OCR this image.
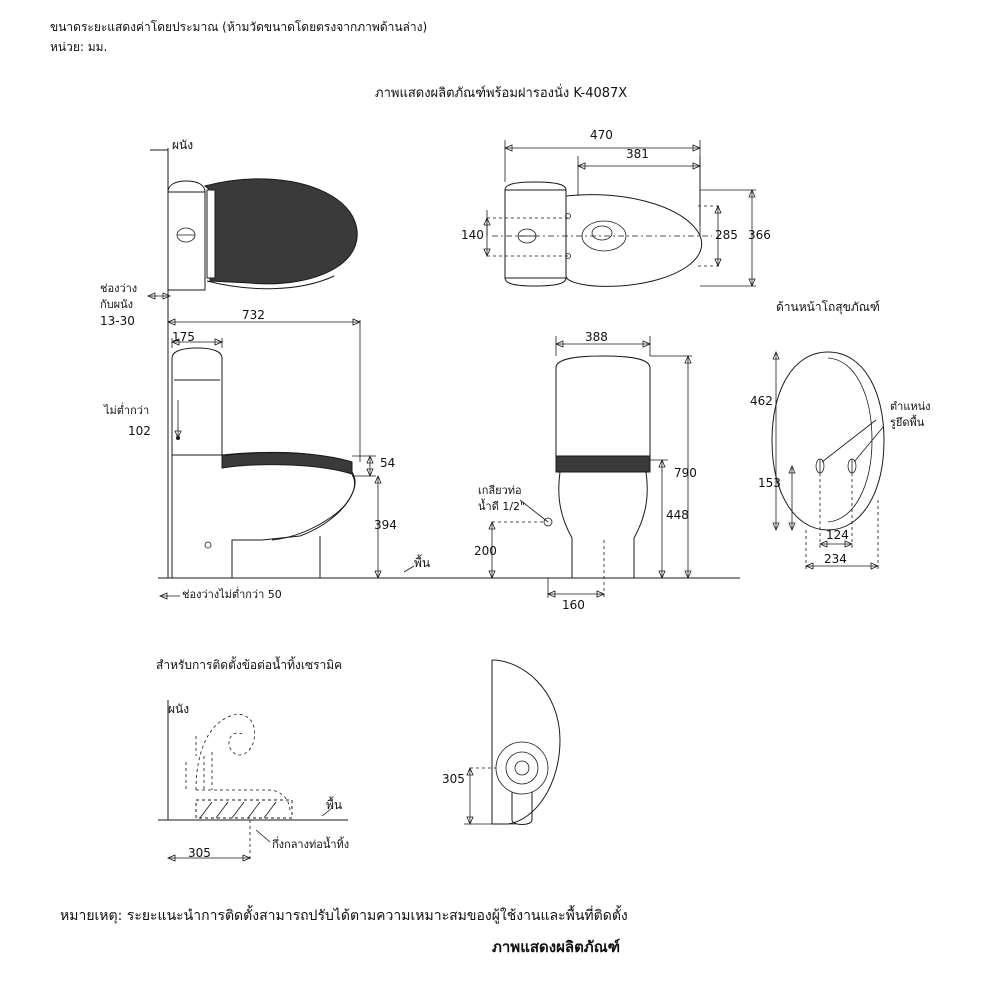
ขนาดระยะแสดงค่าโดยประมาณ (ห้ามวัดขนาดโดยตรงจากภาพด้านล่าง)
หน่วย: มม.
ภาพแสดงผลิตภัณฑ์พร้อมฝารองนั่ง K-4087X
ผนัง
470
381
140	285 366
ช่องว่าง
กับผนัง
13-30	732
175
ไม่ต่ำกว่า
102
54
394
พื้น
ช่องว่างไม่ต่ำกว่า 50
388
790
448
200
160
เกลียวท่อ
น้ำดี 1/2"
ด้านหน้าโถสุขภัณฑ์
462
153
124
234
ตำแหน่ง
รูยึดพื้น
สำหรับการติดตั้งข้อต่อน้ำทิ้งเซรามิค
ผนัง
พื้น
305
กึ่งกลางท่อน้ำทิ้ง
305
หมายเหตุ: ระยะแนะนำการติดตั้งสามารถปรับได้ตามความเหมาะสมของผู้ใช้งานและพื้นที่ติดตั้ง
ภาพแสดงผลิตภัณฑ์
